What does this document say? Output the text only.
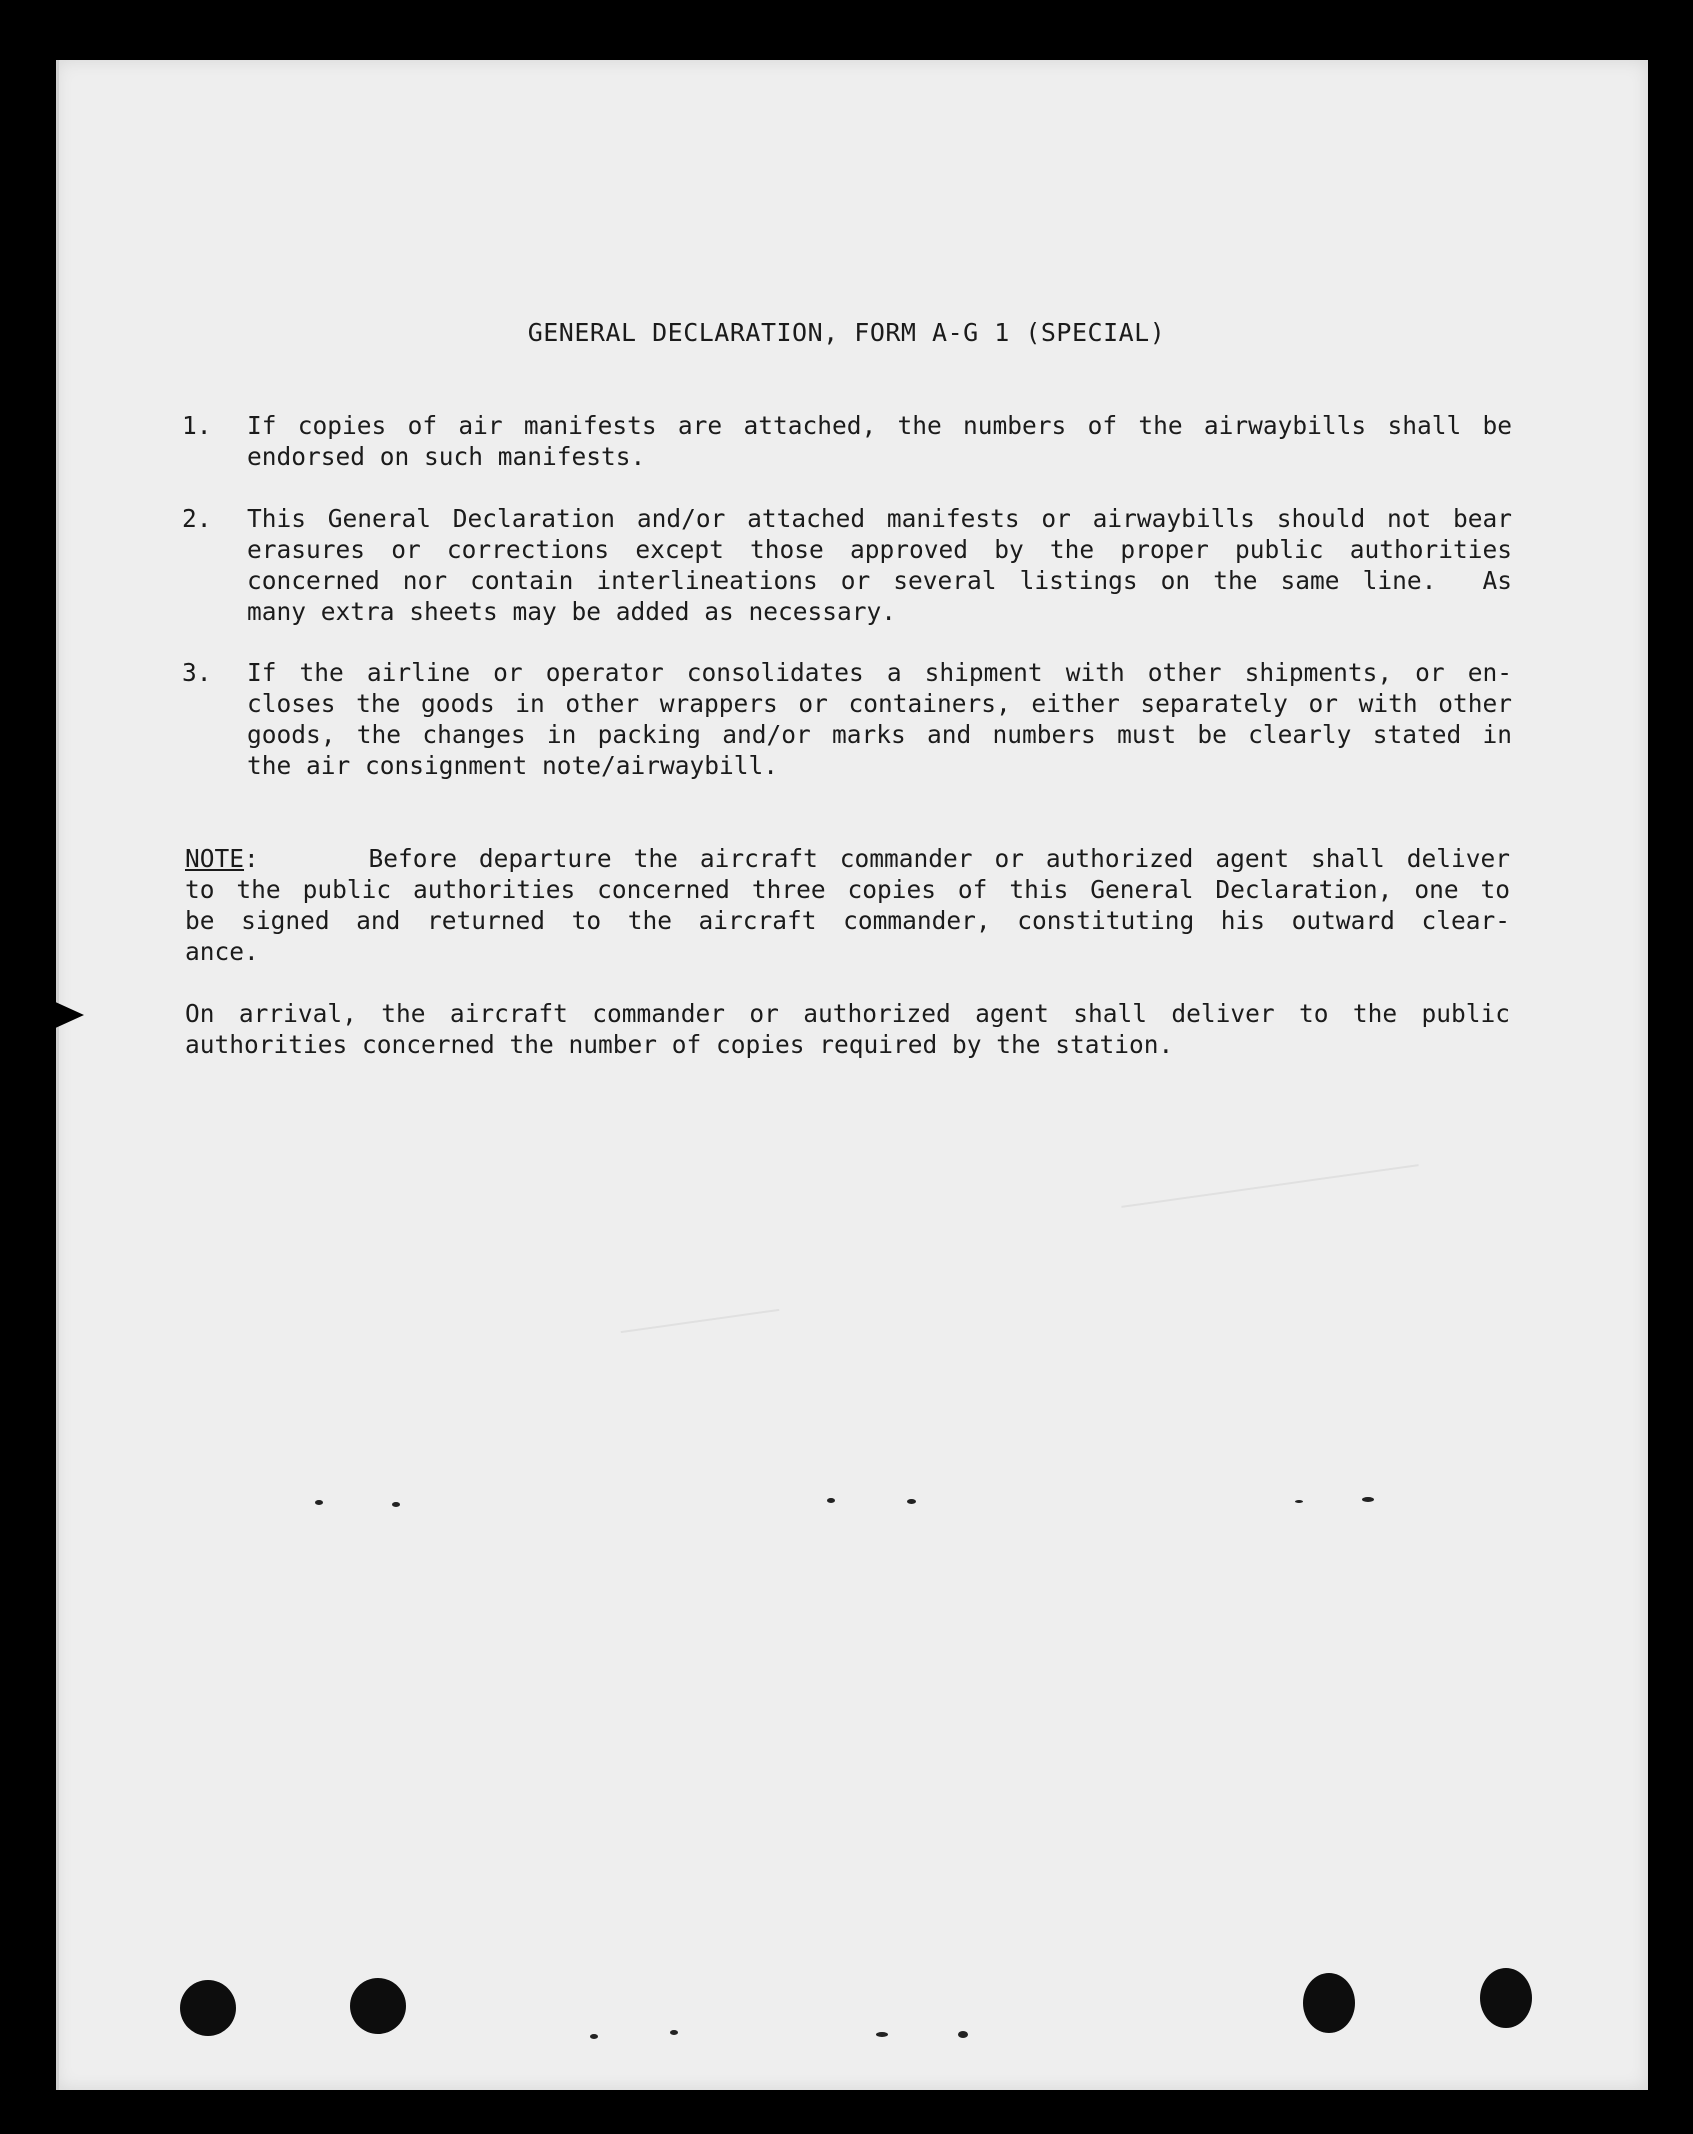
GENERAL DECLARATION, FORM A-G 1 (SPECIAL)
1.	If copies of air manifests are attached, the numbers of the airwaybills shall be
endorsed on such manifests.
2.	This General Declaration and/or attached manifests or airwaybills should not bear
erasures or corrections except those approved by the proper public authorities
concerned nor contain interlineations or several listings on the same line.  As
many extra sheets may be added as necessary.
3.	If the airline or operator consolidates a shipment with other shipments, or en-
closes the goods in other wrappers or containers, either separately or with other
goods, the changes in packing and/or marks and numbers must be clearly stated in
the air consignment note/airwaybill.
NOTE:     Before departure the aircraft commander or authorized agent shall deliver
to the public authorities concerned three copies of this General Declaration, one to
be signed and returned to the aircraft commander, constituting his outward clear-
ance.
On arrival, the aircraft commander or authorized agent shall deliver to the public
authorities concerned the number of copies required by the station.
